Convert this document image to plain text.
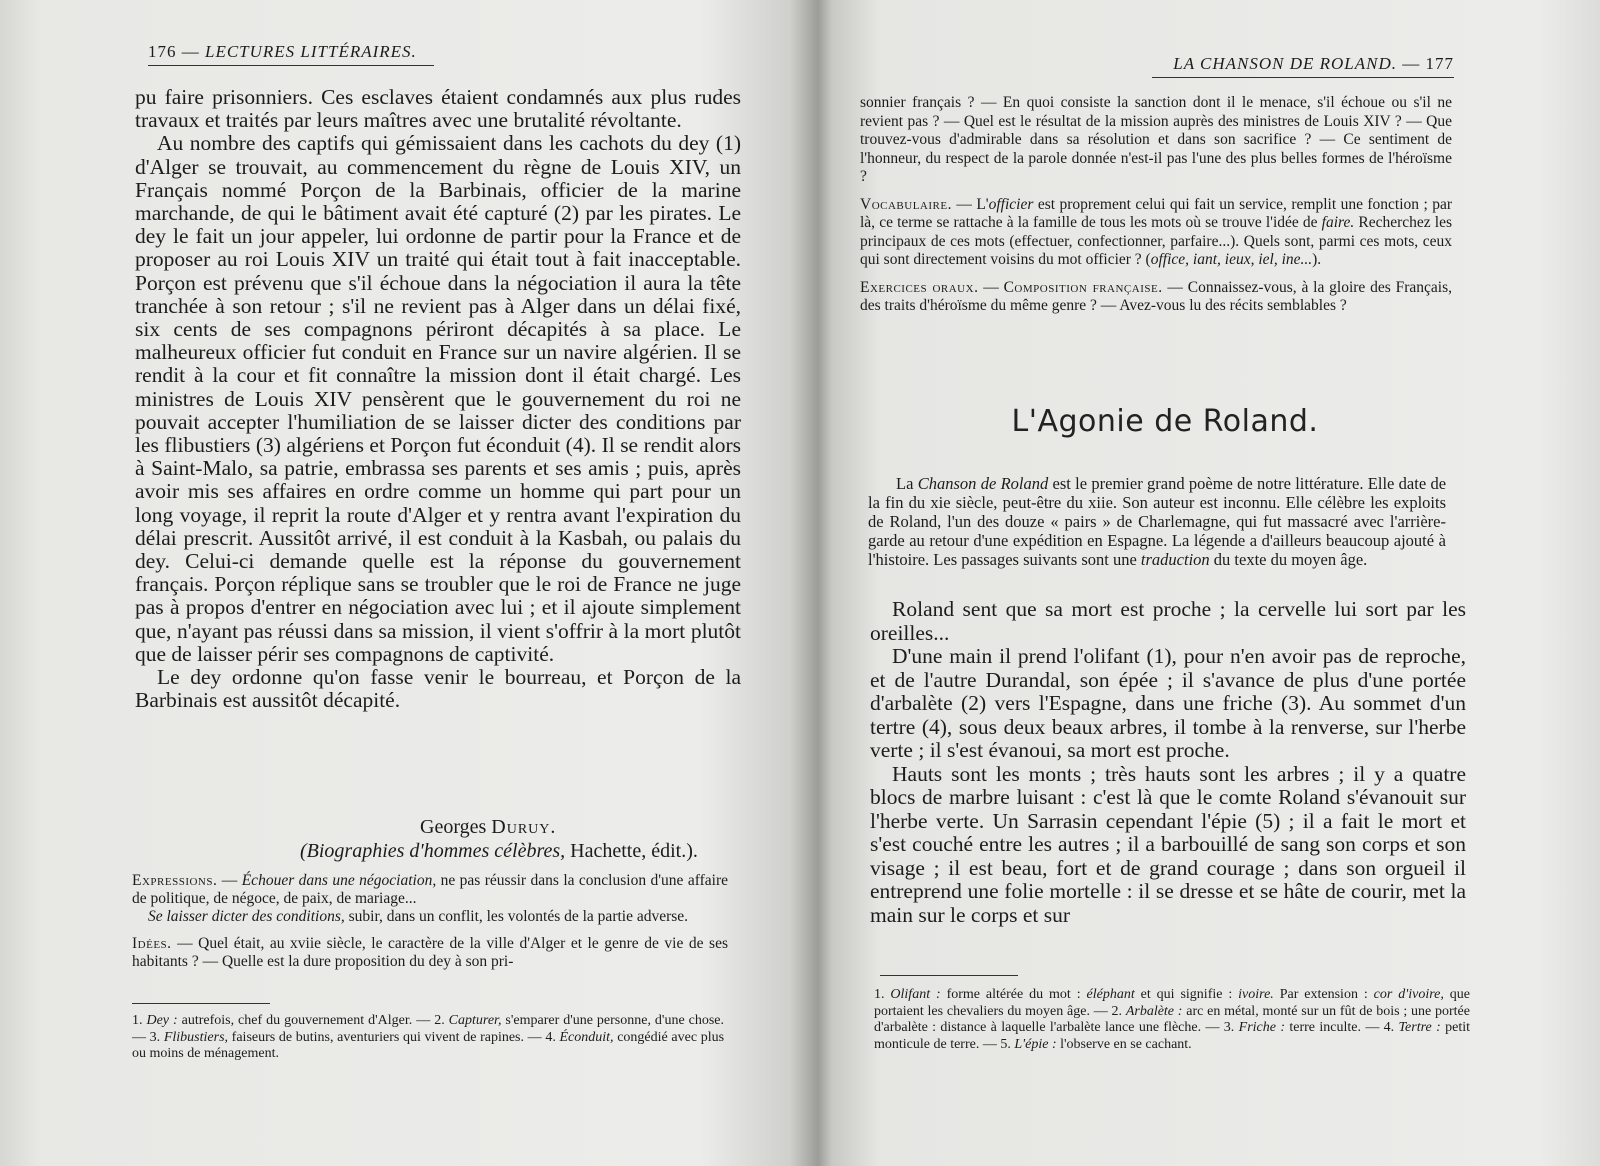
176 — LECTURES LITTÉRAIRES.

pu faire prisonniers. Ces esclaves étaient condamnés aux plus rudes travaux et traités par leurs maîtres avec une brutalité révoltante.

Au nombre des captifs qui gémissaient dans les cachots du dey (1) d'Alger se trouvait, au commencement du règne de Louis XIV, un Français nommé Porçon de la Barbinais, officier de la marine marchande, de qui le bâtiment avait été capturé (2) par les pirates. Le dey le fait un jour appeler, lui ordonne de partir pour la France et de proposer au roi Louis XIV un traité qui était tout à fait inacceptable. Porçon est prévenu que s'il échoue dans la négociation il aura la tête tranchée à son retour ; s'il ne revient pas à Alger dans un délai fixé, six cents de ses compagnons périront décapités à sa place. Le malheureux officier fut conduit en France sur un navire algérien. Il se rendit à la cour et fit connaître la mission dont il était chargé. Les ministres de Louis XIV pensèrent que le gouvernement du roi ne pouvait accepter l'humiliation de se laisser dicter des conditions par les flibustiers (3) algériens et Porçon fut éconduit (4). Il se rendit alors à Saint-Malo, sa patrie, embrassa ses parents et ses amis ; puis, après avoir mis ses affaires en ordre comme un homme qui part pour un long voyage, il reprit la route d'Alger et y rentra avant l'expiration du délai prescrit. Aussitôt arrivé, il est conduit à la Kasbah, ou palais du dey. Celui-ci demande quelle est la réponse du gouvernement français. Porçon réplique sans se troubler que le roi de France ne juge pas à propos d'entrer en négociation avec lui ; et il ajoute simplement que, n'ayant pas réussi dans sa mission, il vient s'offrir à la mort plutôt que de laisser périr ses compagnons de captivité.

Le dey ordonne qu'on fasse venir le bourreau, et Porçon de la Barbinais est aussitôt décapité.

Georges Duruy.
(Biographies d'hommes célèbres, Hachette, édit.).

Expressions. — Échouer dans une négociation, ne pas réussir dans la conclusion d'une affaire de politique, de négoce, de paix, de mariage...

Se laisser dicter des conditions, subir, dans un conflit, les volontés de la partie adverse.

Idées. — Quel était, au xviie siècle, le caractère de la ville d'Alger et le genre de vie de ses habitants ? — Quelle est la dure proposition du dey à son pri-

1. Dey : autrefois, chef du gouvernement d'Alger. — 2. Capturer, s'emparer d'une personne, d'une chose. — 3. Flibustiers, faiseurs de butins, aventuriers qui vivent de rapines. — 4. Éconduit, congédié avec plus ou moins de ménagement.
LA CHANSON DE ROLAND. — 177

sonnier français ? — En quoi consiste la sanction dont il le menace, s'il échoue ou s'il ne revient pas ? — Quel est le résultat de la mission auprès des ministres de Louis XIV ? — Que trouvez-vous d'admirable dans sa résolution et dans son sacrifice ? — Ce sentiment de l'honneur, du respect de la parole donnée n'est-il pas l'une des plus belles formes de l'héroïsme ?

Vocabulaire. — L'officier est proprement celui qui fait un service, remplit une fonction ; par là, ce terme se rattache à la famille de tous les mots où se trouve l'idée de faire. Recherchez les principaux de ces mots (effectuer, confectionner, parfaire...). Quels sont, parmi ces mots, ceux qui sont directement voisins du mot officier ? (office, iant, ieux, iel, ine...).

Exercices oraux. — Composition française. — Connaissez-vous, à la gloire des Français, des traits d'héroïsme du même genre ? — Avez-vous lu des récits semblables ?

L'Agonie de Roland.
La Chanson de Roland est le premier grand poème de notre littérature. Elle date de la fin du xie siècle, peut-être du xiie. Son auteur est inconnu. Elle célèbre les exploits de Roland, l'un des douze « pairs » de Charlemagne, qui fut massacré avec l'arrière-garde au retour d'une expédition en Espagne. La légende a d'ailleurs beaucoup ajouté à l'histoire. Les passages suivants sont une traduction du texte du moyen âge.

Roland sent que sa mort est proche ; la cervelle lui sort par les oreilles...

D'une main il prend l'olifant (1), pour n'en avoir pas de reproche, et de l'autre Durandal, son épée ; il s'avance de plus d'une portée d'arbalète (2) vers l'Espagne, dans une friche (3). Au sommet d'un tertre (4), sous deux beaux arbres, il tombe à la renverse, sur l'herbe verte ; il s'est évanoui, sa mort est proche.

Hauts sont les monts ; très hauts sont les arbres ; il y a quatre blocs de marbre luisant : c'est là que le comte Roland s'évanouit sur l'herbe verte. Un Sarrasin cependant l'épie (5) ; il a fait le mort et s'est couché entre les autres ; il a barbouillé de sang son corps et son visage ; il est beau, fort et de grand courage ; dans son orgueil il entreprend une folie mortelle : il se dresse et se hâte de courir, met la main sur le corps et sur

1. Olifant : forme altérée du mot : éléphant et qui signifie : ivoire. Par extension : cor d'ivoire, que portaient les chevaliers du moyen âge. — 2. Arbalète : arc en métal, monté sur un fût de bois ; une portée d'arbalète : distance à laquelle l'arbalète lance une flèche. — 3. Friche : terre inculte. — 4. Tertre : petit monticule de terre. — 5. L'épie : l'observe en se cachant.
